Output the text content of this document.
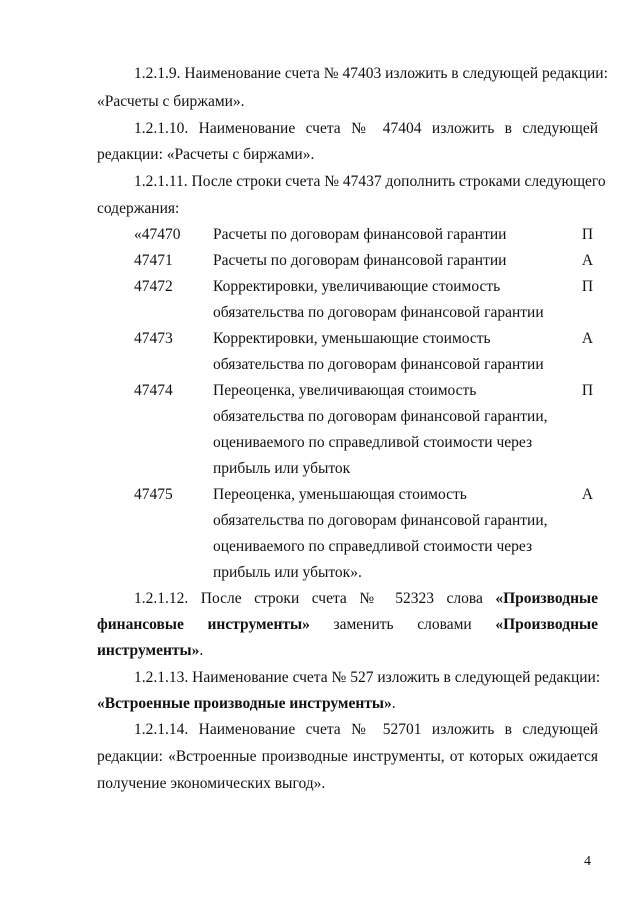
1.2.1.9. Наименование счета № 47403 изложить в следующей редакции:
«Расчеты с биржами».
1.2.1.10. Наименование счета № 47404 изложить в следующей
редакции: «Расчеты с биржами».
1.2.1.11. После строки счета № 47437 дополнить строками следующего
содержания:
«47470 Расчеты по договорам финансовой гарантии	П
47471	Расчеты по договорам финансовой гарантии	А
47472	Корректировки, увеличивающие стоимость	П
обязательства по договорам финансовой гарантии
47473	Корректировки, уменьшающие стоимость	А
обязательства по договорам финансовой гарантии
47474	Переоценка, увеличивающая стоимость	П
обязательства по договорам финансовой гарантии,
оцениваемого по справедливой стоимости через
прибыль или убыток
47475	Переоценка, уменьшающая стоимость	А
обязательства по договорам финансовой гарантии,
оцениваемого по справедливой стоимости через
прибыль или убыток».
1.2.1.12. После строки счета № 52323 слова «Производные
финансовые инструменты» заменить словами «Производные
инструменты».
1.2.1.13. Наименование счета № 527 изложить в следующей редакции:
«Встроенные производные инструменты».
1.2.1.14. Наименование счета № 52701 изложить в следующей
редакции: «Встроенные производные инструменты, от которых ожидается
получение экономических выгод».
4
